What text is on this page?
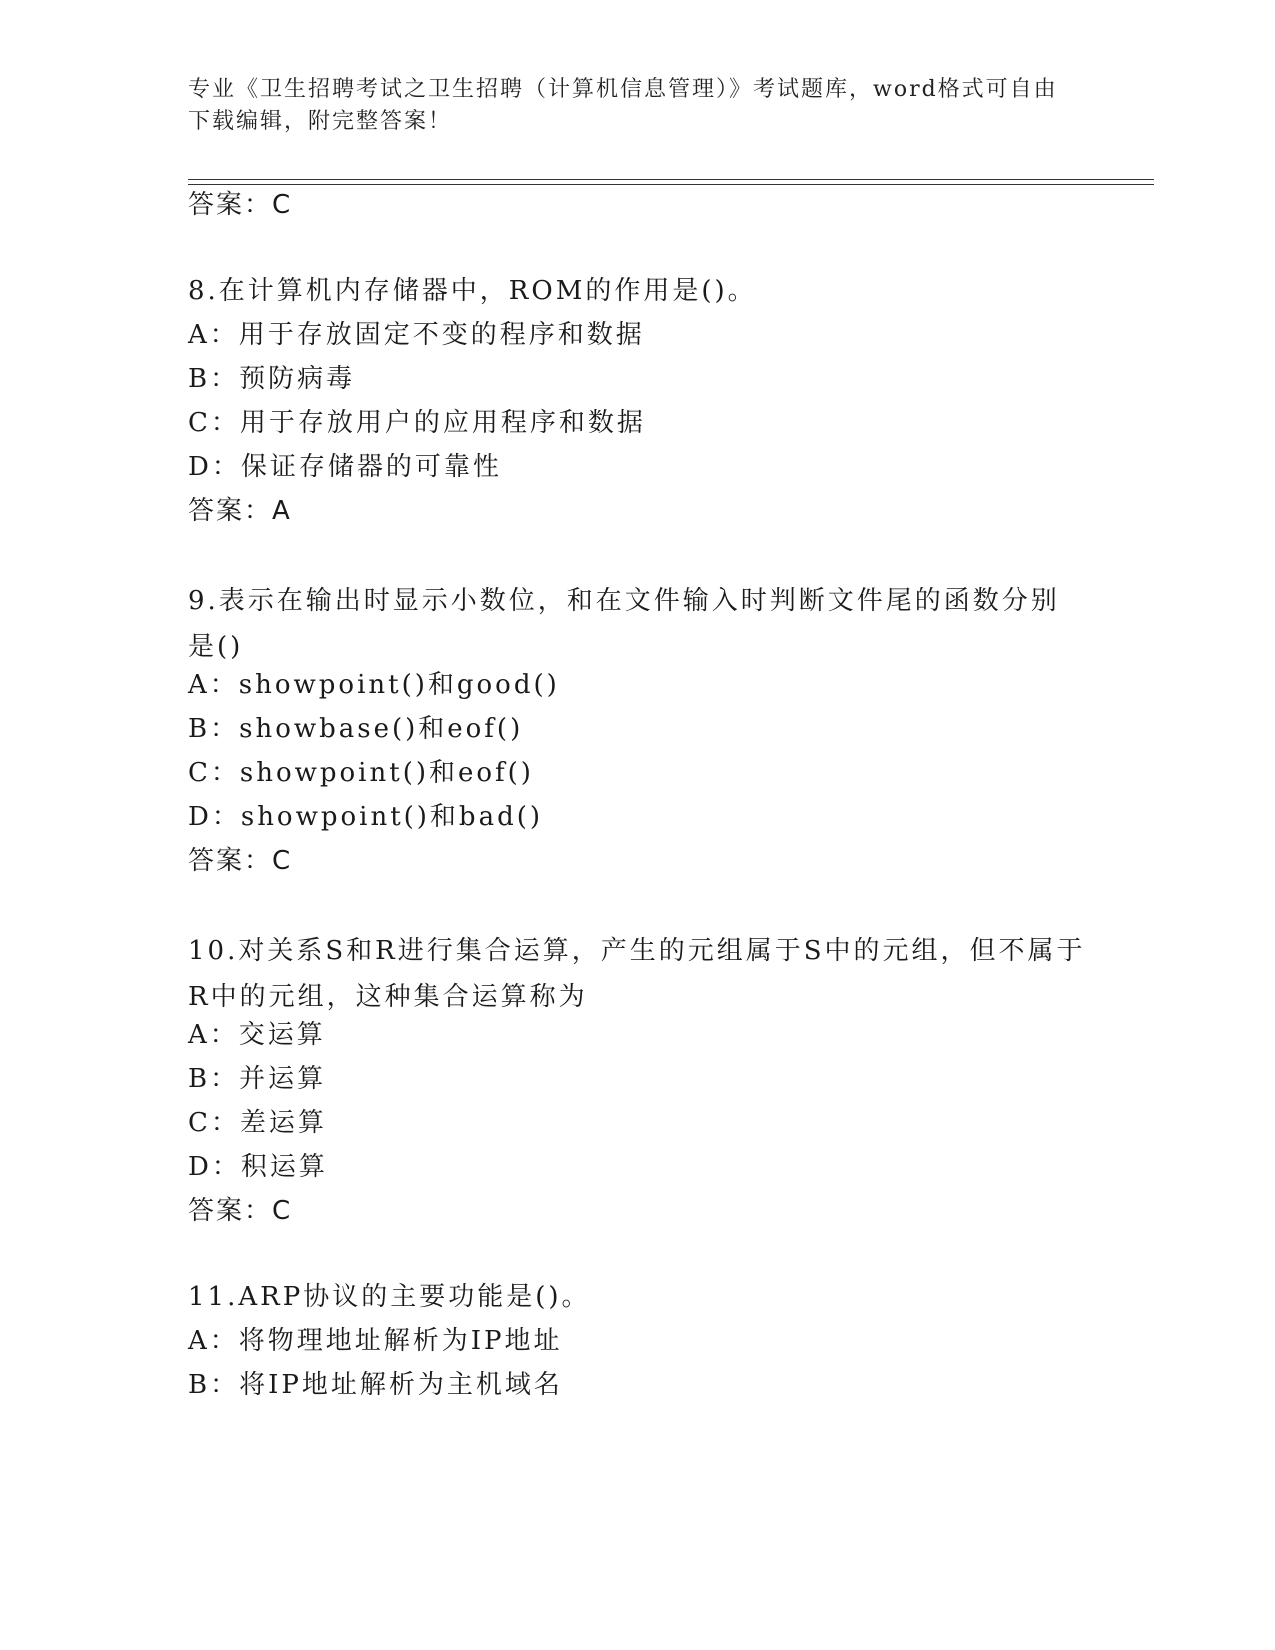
专业《卫生招聘考试之卫生招聘（计算机信息管理）》考试题库，word格式可自由下载编辑，附完整答案！
答案：C
8.在计算机内存储器中，ROM的作用是()。
A：用于存放固定不变的程序和数据
B：预防病毒
C：用于存放用户的应用程序和数据
D：保证存储器的可靠性
答案：A
9.表示在输出时显示小数位，和在文件输入时判断文件尾的函数分别是()
A：showpoint()和good()
B：showbase()和eof()
C：showpoint()和eof()
D：showpoint()和bad()
答案：C
10.对关系S和R进行集合运算，产生的元组属于S中的元组，但不属于R中的元组，这种集合运算称为
A：交运算
B：并运算
C：差运算
D：积运算
答案：C
11.ARP协议的主要功能是()。
A：将物理地址解析为IP地址
B：将IP地址解析为主机域名
